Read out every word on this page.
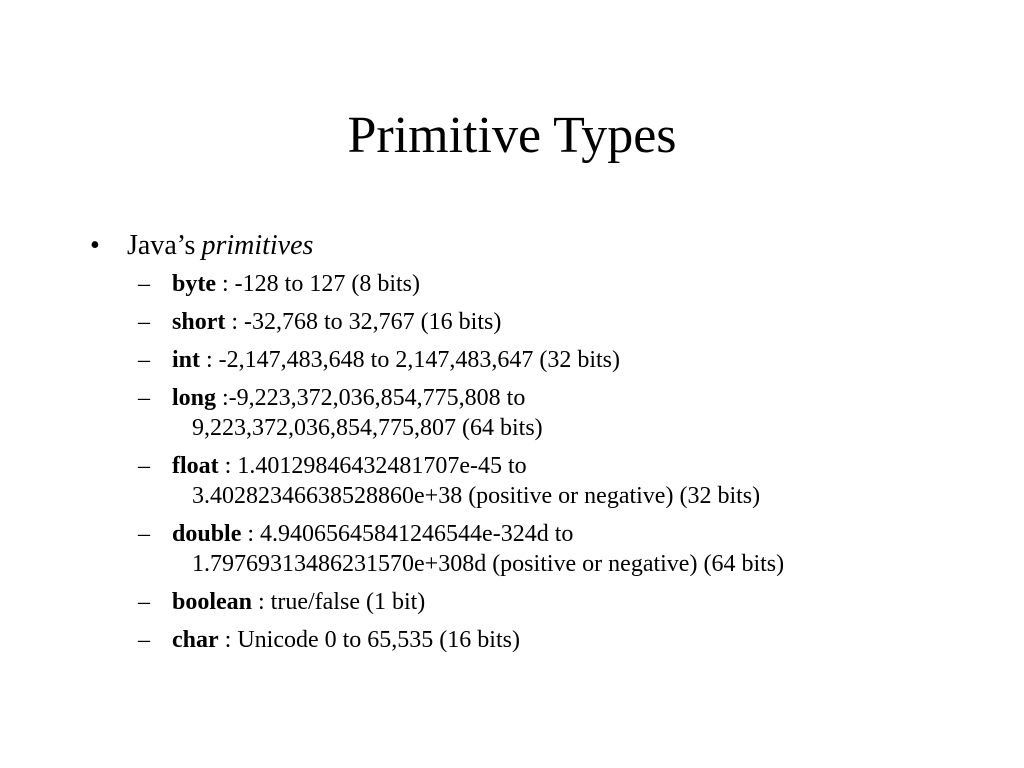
Primitive Types
• Java’s primitives
– byte : -128 to 127 (8 bits)
– short : -32,768 to 32,767 (16 bits)
– int : -2,147,483,648 to 2,147,483,647 (32 bits)
– long :-9,223,372,036,854,775,808 to
9,223,372,036,854,775,807 (64 bits)
– float : 1.40129846432481707e-45 to
3.40282346638528860e+38 (positive or negative) (32 bits)
– double : 4.94065645841246544e-324d to
1.79769313486231570e+308d (positive or negative) (64 bits)
– boolean : true/false (1 bit)
– char : Unicode 0 to 65,535 (16 bits)
